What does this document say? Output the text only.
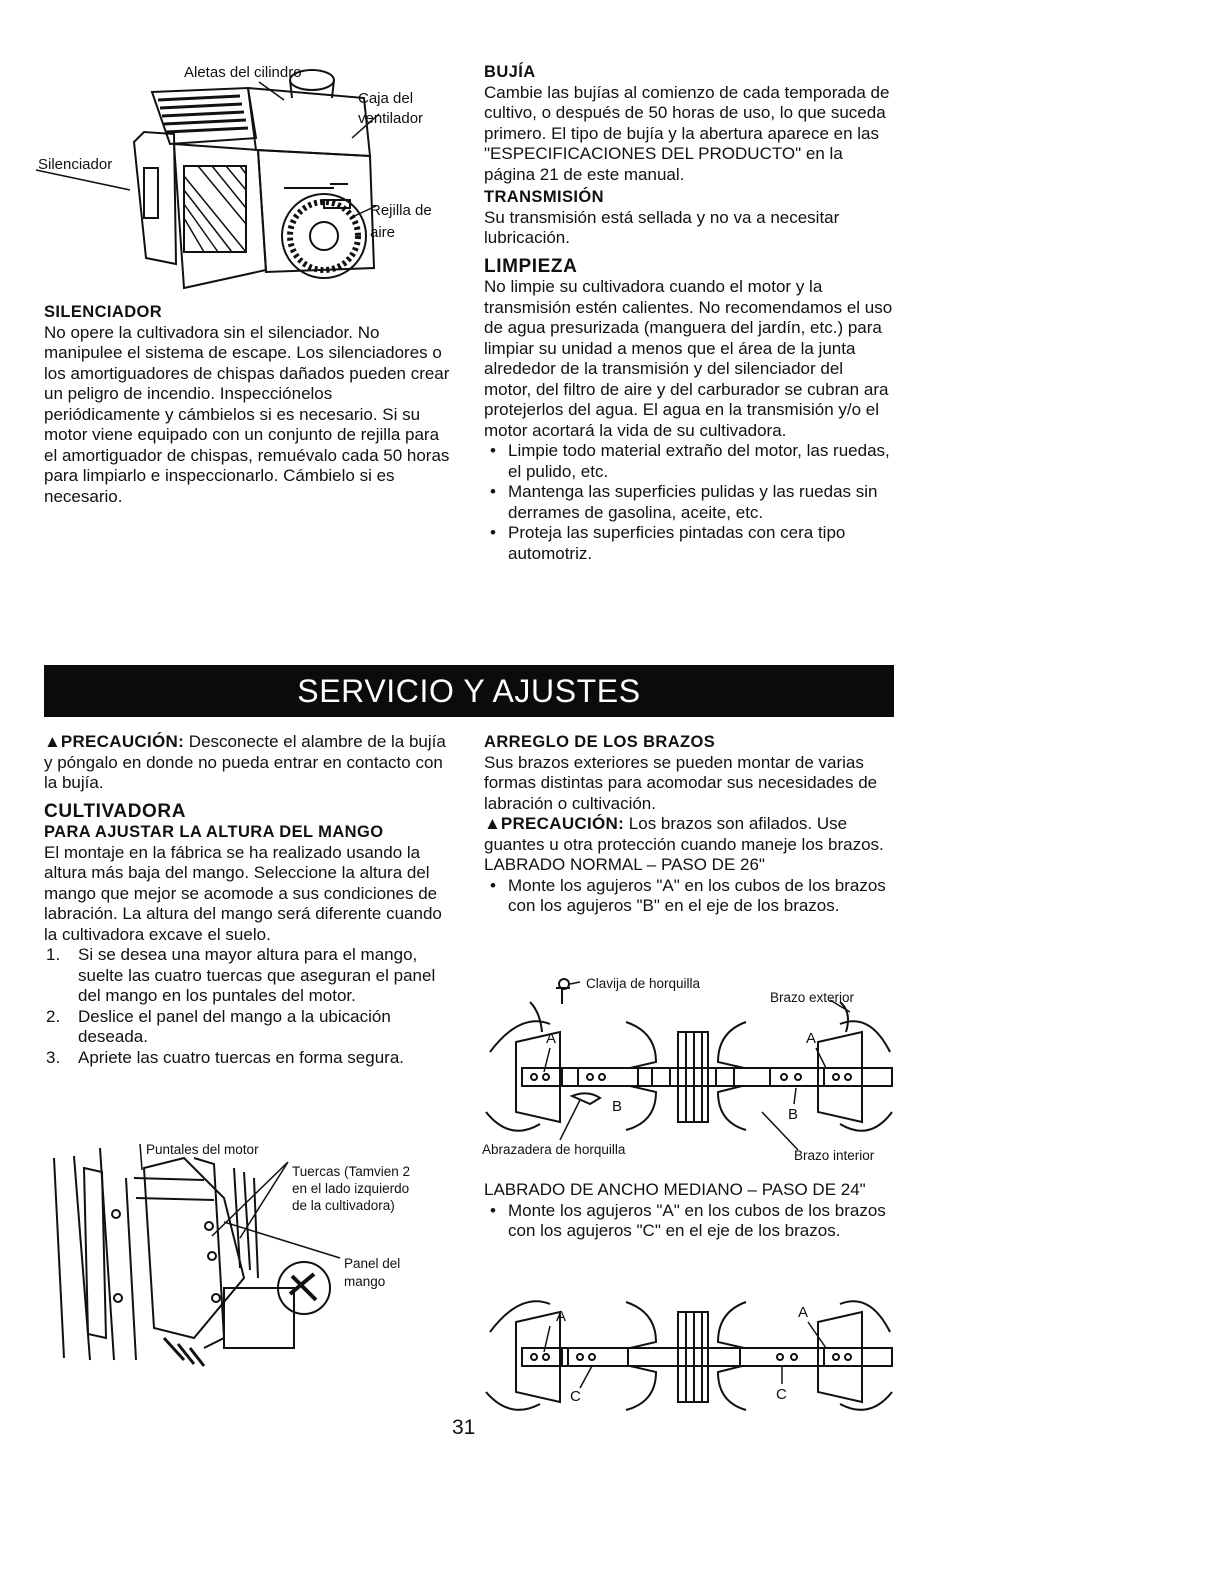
Aletas del cilindro
Caja del
ventilador
Silenciador
Rejilla de
aire

SILENCIADOR

No opere la cultivadora sin el silenciador. No manipulee el sistema de escape. Los silenciadores o los amortiguadores de chispas dañados pueden crear un peligro de incendio. Inspecciónelos periódicamente y cámbielos si es necesario. Si su motor viene equipado con un conjunto de rejilla para el amortiguador de chispas, remuévalo cada 50 horas para limpiarlo e inspeccionarlo. Cámbielo si es necesario.

BUJÍA

Cambie las bujías al comienzo de cada temporada de cultivo, o después de 50 horas de uso, lo que suceda primero. El tipo de bujía y la abertura aparece en las "ESPECIFICACIONES DEL PRODUCTO" en la página 21 de este manual.

TRANSMISIÓN

Su transmisión está sellada y no va a necesitar lubricación.

LIMPIEZA

No limpie su cultivadora cuando el motor y la transmisión estén calientes. No recomendamos el uso de agua presurizada (manguera del jardín, etc.) para limpiar su unidad a menos que el área de la junta alrededor de la transmisión y del silenciador del motor, del filtro de aire y del carburador se cubran ara protejerlos del agua. El agua en la transmisión y/o el motor acortará la vida de su cultivadora.

• Limpie todo material extraño del motor, las ruedas, el pulido, etc.
• Mantenga las superficies pulidas y las ruedas sin derrames de gasolina, aceite, etc.
• Proteja las superficies pintadas con cera tipo automotriz.
SERVICIO Y AJUSTES

▲PRECAUCIÓN: Desconecte el alambre de la bujía y póngalo en donde no pueda entrar en contacto con la bujía.

CULTIVADORA

PARA AJUSTAR LA ALTURA DEL MANGO

El montaje en la fábrica se ha realizado usando la altura más baja del mango. Seleccione la altura del mango que mejor se acomode a sus condiciones de labración. La altura del mango será diferente cuando la cultivadora excave el suelo.

1. Si se desea una mayor altura para el mango, suelte las cuatro tuercas que aseguran el panel del mango en los puntales del motor.
2. Deslice el panel del mango a la ubicación deseada.
3. Apriete las cuatro tuercas en forma segura.
Puntales del motor
Tuercas (Tamvien 2
en el lado izquierdo
de la cultivadora)
Panel del
mango

ARREGLO DE LOS BRAZOS

Sus brazos exteriores se pueden montar de varias formas distintas para acomodar sus necesidades de labración o cultivación.

▲PRECAUCIÓN: Los brazos son afilados. Use guantes u otra protección cuando maneje los brazos.

LABRADO NORMAL – PASO DE 26"

• Monte los agujeros "A" en los cubos de los brazos con los agujeros "B" en el eje de los brazos.
Clavija de horquilla
Brazo exterior
A	A
B	B
Abrazadera de horquilla	Brazo interior

LABRADO DE ANCHO MEDIANO – PASO DE 24"

• Monte los agujeros "A" en los cubos de los brazos con los agujeros "C" en el eje de los brazos.
A	A
C	C
31
